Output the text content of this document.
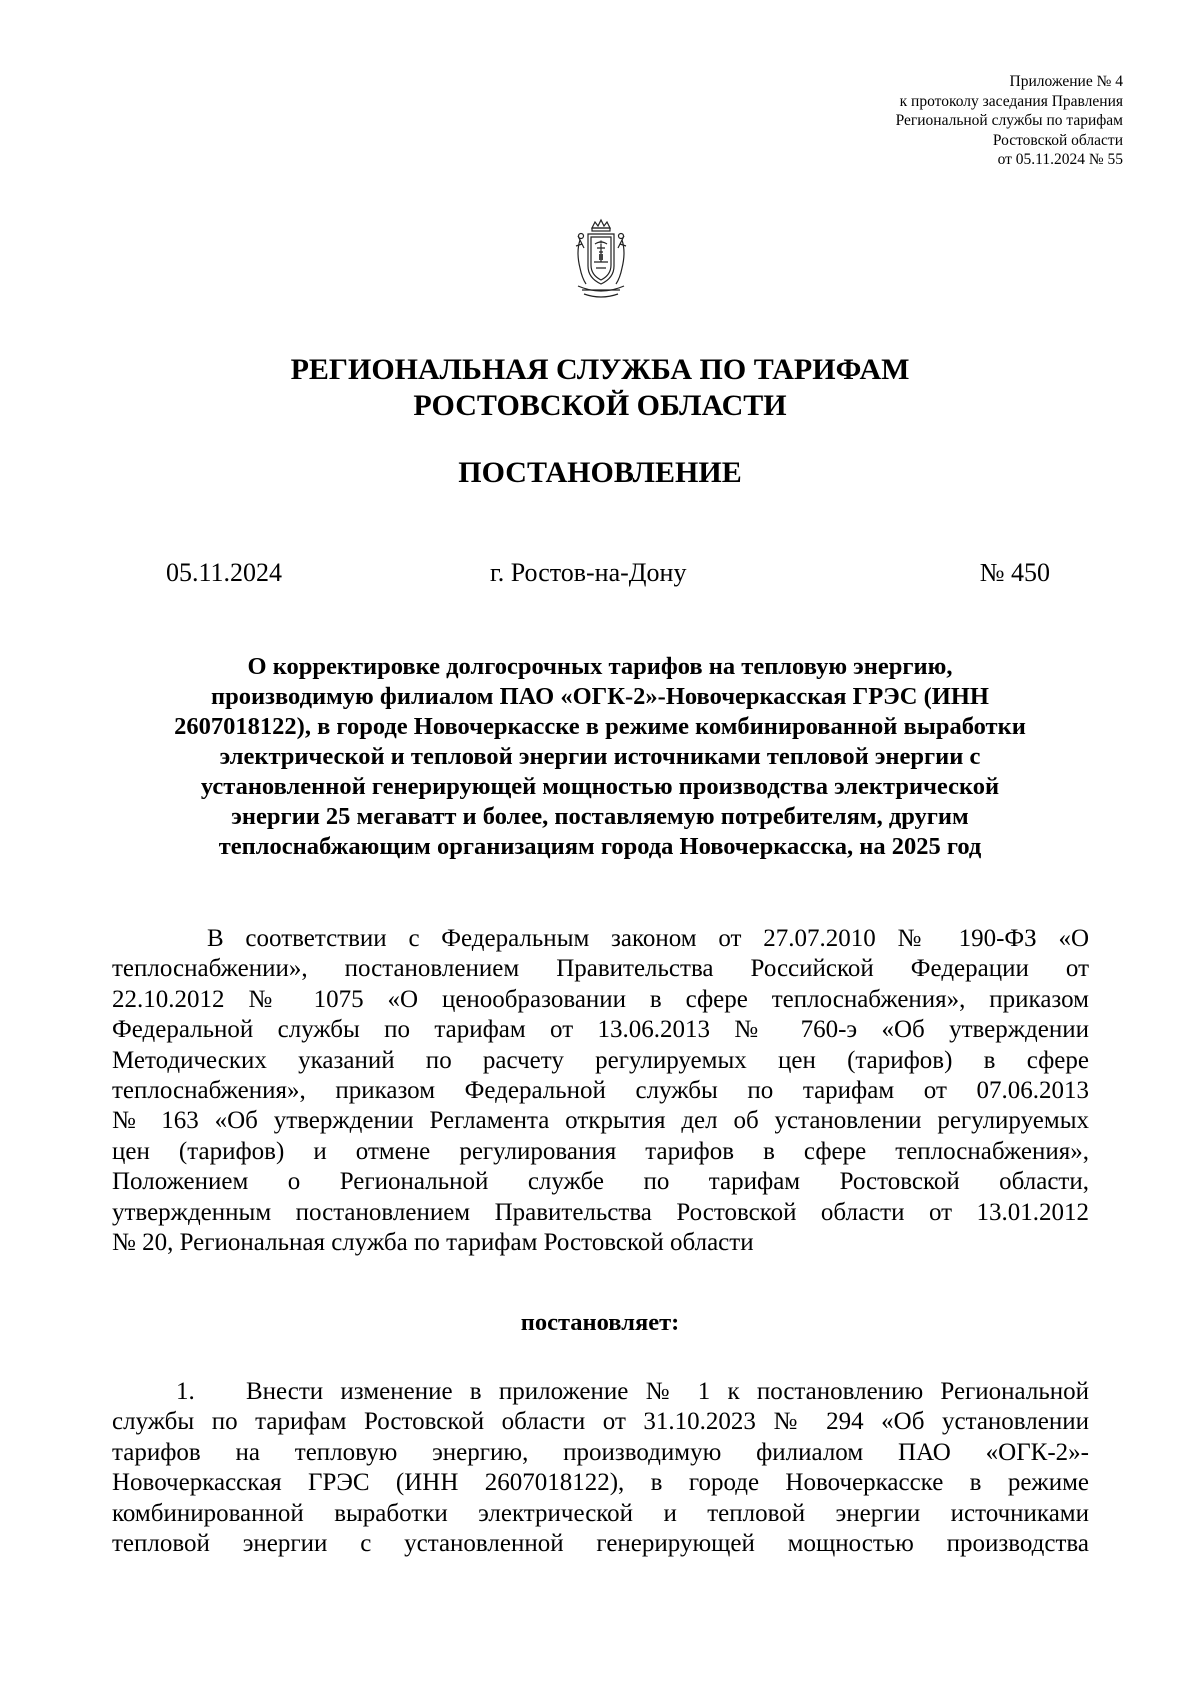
Приложение № 4
к протоколу заседания Правления
Региональной службы по тарифам
Ростовской области
от 05.11.2024 № 55
РЕГИОНАЛЬНАЯ СЛУЖБА ПО ТАРИФАМ
РОСТОВСКОЙ ОБЛАСТИ
ПОСТАНОВЛЕНИЕ
05.11.2024	г. Ростов-на-Дону	№ 450
О корректировке долгосрочных тарифов на тепловую энергию,
производимую филиалом ПАО «ОГК-2»-Новочеркасская ГРЭС (ИНН
2607018122), в городе Новочеркасске в режиме комбинированной выработки
электрической и тепловой энергии источниками тепловой энергии с
установленной генерирующей мощностью производства электрической
энергии 25 мегаватт и более, поставляемую потребителям, другим
теплоснабжающим организациям города Новочеркасска, на 2025 год
В соответствии с Федеральным законом от 27.07.2010 № 190-ФЗ «О
теплоснабжении», постановлением Правительства Российской Федерации от
22.10.2012 № 1075 «О ценообразовании в сфере теплоснабжения», приказом
Федеральной службы по тарифам от 13.06.2013 № 760-э «Об утверждении
Методических указаний по расчету регулируемых цен (тарифов) в сфере
теплоснабжения», приказом Федеральной службы по тарифам от 07.06.2013
№ 163 «Об утверждении Регламента открытия дел об установлении регулируемых
цен (тарифов) и отмене регулирования тарифов в сфере теплоснабжения»,
Положением о Региональной службе по тарифам Ростовской области,
утвержденным постановлением Правительства Ростовской области от 13.01.2012
№ 20, Региональная служба по тарифам Ростовской области
постановляет:
1. Внести изменение в приложение № 1 к постановлению Региональной
службы по тарифам Ростовской области от 31.10.2023 № 294 «Об установлении
тарифов на тепловую энергию, производимую филиалом ПАО «ОГК-2»-
Новочеркасская ГРЭС (ИНН 2607018122), в городе Новочеркасске в режиме
комбинированной выработки электрической и тепловой энергии источниками
тепловой энергии с установленной генерирующей мощностью производства
